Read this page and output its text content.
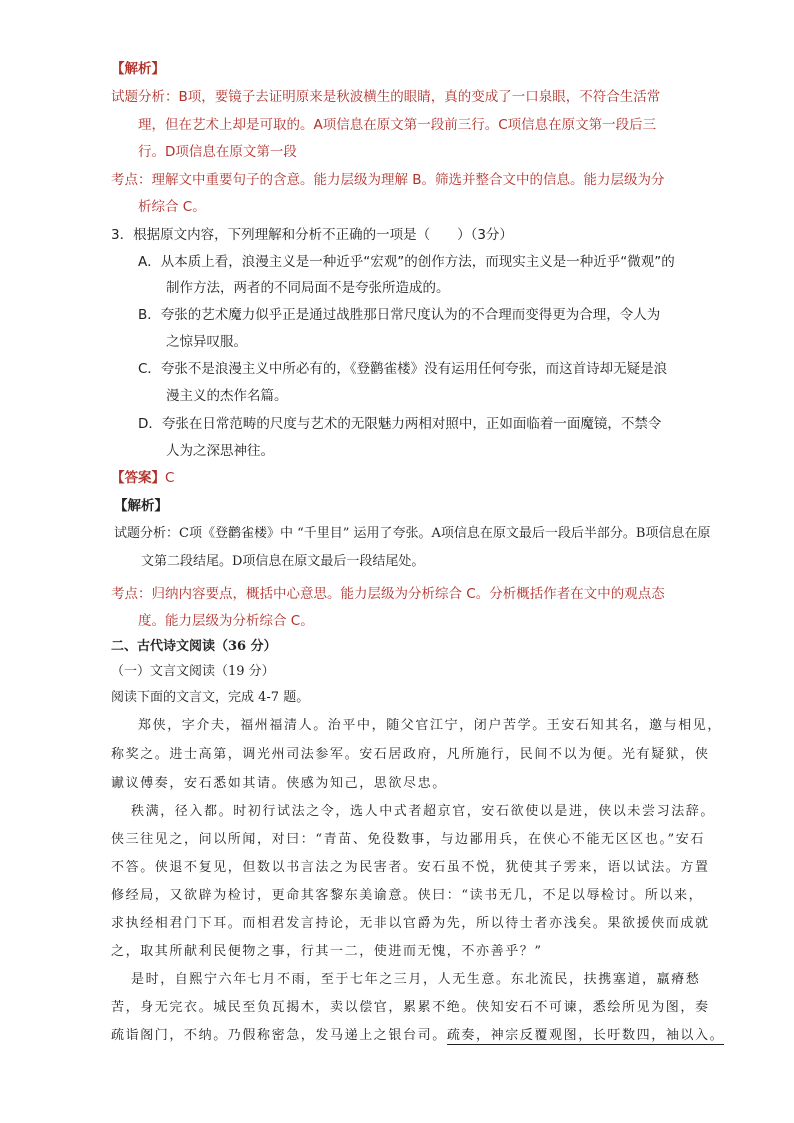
【解析】
试题分析：B项，要镜子去证明原来是秋波横生的眼睛，真的变成了一口泉眼，不符合生活常
理，但在艺术上却是可取的。A项信息在原文第一段前三行。C项信息在原文第一段后三
行。D项信息在原文第一段
考点：理解文中重要句子的含意。能力层级为理解 B。筛选并整合文中的信息。能力层级为分
析综合 C。
3．根据原文内容，下列理解和分析不正确的一项是（　　）（3分）
A．从本质上看，浪漫主义是一种近乎“宏观”的创作方法，而现实主义是一种近乎“微观”的
制作方法，两者的不同局面不是夸张所造成的。
B．夸张的艺术魔力似乎正是通过战胜那日常尺度认为的不合理而变得更为合理，令人为
之惊异叹服。
C．夸张不是浪漫主义中所必有的，《登鹳雀楼》没有运用任何夸张，而这首诗却无疑是浪
漫主义的杰作名篇。
D．夸张在日常范畴的尺度与艺术的无限魅力两相对照中，正如面临着一面魔镜，不禁令
人为之深思神往。
【答案】C
【解析】
试题分析：C项《登鹳雀楼》中 “千里目” 运用了夸张。A项信息在原文最后一段后半部分。B项信息在原
文第二段结尾。D项信息在原文最后一段结尾处。
考点：归纳内容要点，概括中心意思。能力层级为分析综合 C。分析概括作者在文中的观点态
度。能力层级为分析综合 C。
二、古代诗文阅读（36 分）
（一）文言文阅读（19 分）
阅读下面的文言文，完成 4-7 题。
郑侠，字介夫，福州福清人。治平中，随父官江宁，闭户苦学。王安石知其名，邀与相见，
称奖之。进士高第，调光州司法参军。安石居政府，凡所施行，民间不以为便。光有疑狱，侠
谳议傅奏，安石悉如其请。侠感为知己，思欲尽忠。
秩满，径入都。时初行试法之令，选人中式者超京官，安石欲使以是进，侠以未尝习法辞。
侠三往见之，问以所闻，对曰：“青苗、免役数事，与边鄙用兵，在侠心不能无区区也。”安石
不答。侠退不复见，但数以书言法之为民害者。安石虽不悦，犹使其子雱来，语以试法。方置
修经局，又欲辟为检讨，更命其客黎东美谕意。侠曰：“读书无几，不足以辱检讨。所以来，
求执经相君门下耳。而相君发言持论，无非以官爵为先，所以待士者亦浅矣。果欲援侠而成就
之，取其所献利民便物之事，行其一二，使进而无愧，不亦善乎？”
是时，自熙宁六年七月不雨，至于七年之三月，人无生意。东北流民，扶携塞道，羸瘠愁
苦，身无完衣。城民至负瓦揭木，卖以偿官，累累不绝。侠知安石不可谏，悉绘所见为图，奏
疏诣阁门，不纳。乃假称密急，发马递上之银台司。疏奏，神宗反覆观图，长吁数四，袖以入。
